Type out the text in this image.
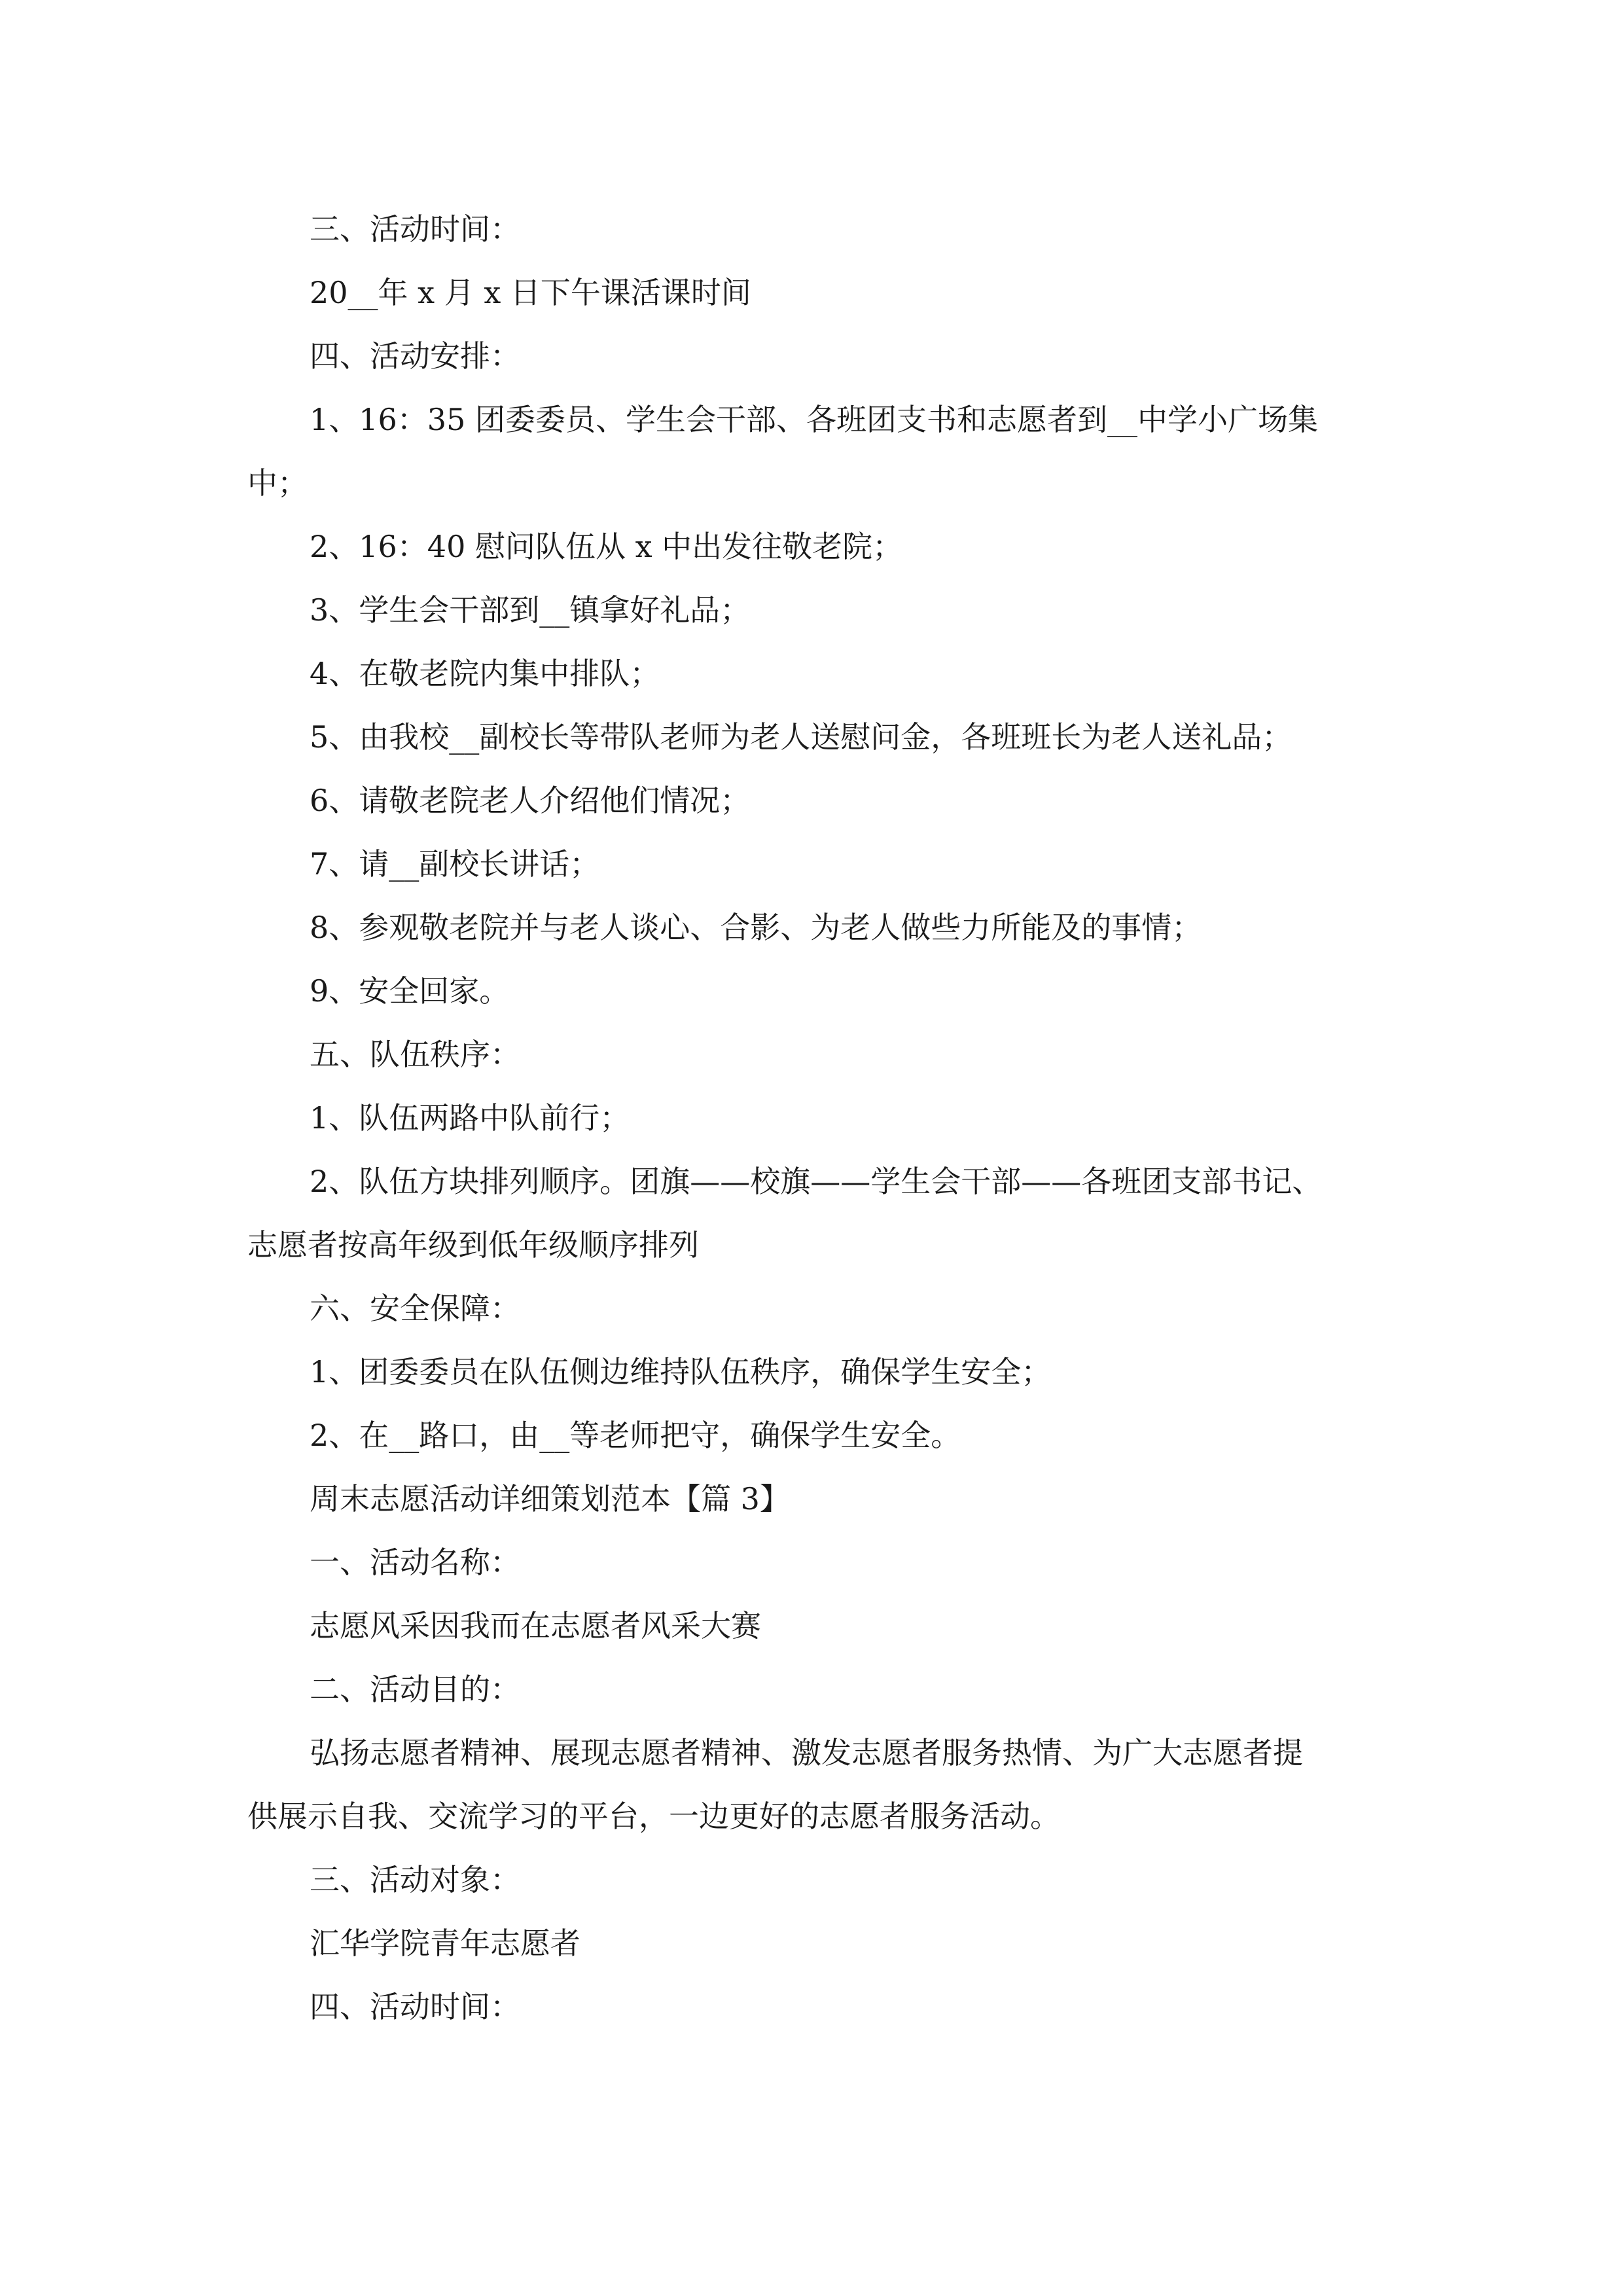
三、活动时间：
20__年 x 月 x 日下午课活课时间
四、活动安排：
1、16：35 团委委员、学生会干部、各班团支书和志愿者到__中学小广场集
中；
2、16：40 慰问队伍从 x 中出发往敬老院；
3、学生会干部到__镇拿好礼品；
4、在敬老院内集中排队；
5、由我校__副校长等带队老师为老人送慰问金，各班班长为老人送礼品；
6、请敬老院老人介绍他们情况；
7、请__副校长讲话；
8、参观敬老院并与老人谈心、合影、为老人做些力所能及的事情；
9、安全回家。
五、队伍秩序：
1、队伍两路中队前行；
2、队伍方块排列顺序。团旗——校旗——学生会干部——各班团支部书记、
志愿者按高年级到低年级顺序排列
六、安全保障：
1、团委委员在队伍侧边维持队伍秩序，确保学生安全；
2、在__路口，由__等老师把守，确保学生安全。
周末志愿活动详细策划范本【篇 3】
一、活动名称：
志愿风采因我而在志愿者风采大赛
二、活动目的：
弘扬志愿者精神、展现志愿者精神、激发志愿者服务热情、为广大志愿者提
供展示自我、交流学习的平台，一边更好的志愿者服务活动。
三、活动对象：
汇华学院青年志愿者
四、活动时间：
